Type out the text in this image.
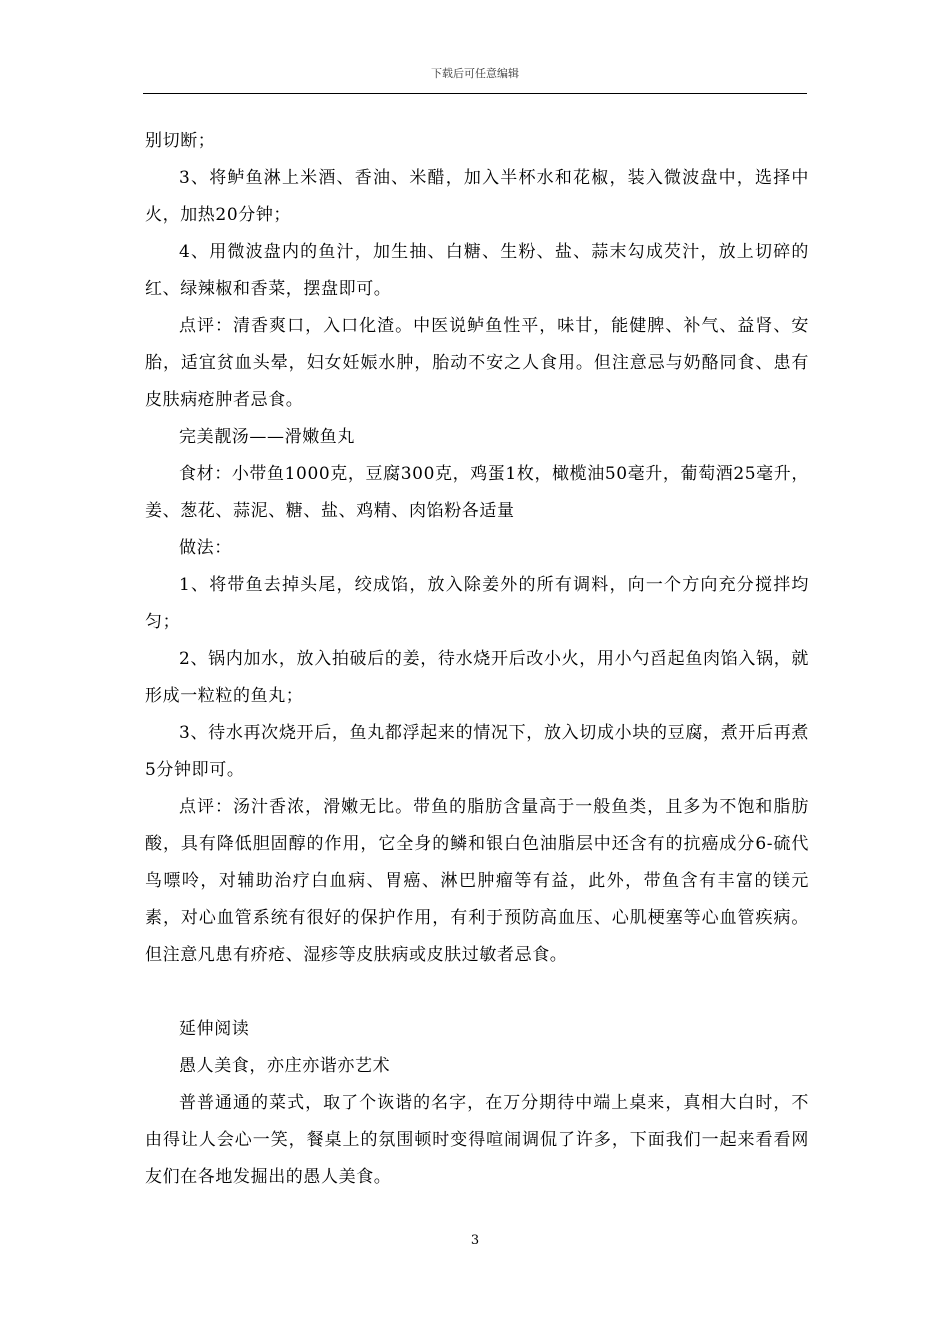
下载后可任意编辑

别切断；

3、将鲈鱼淋上米酒、香油、米醋，加入半杯水和花椒，装入微波盘中，选择中火，加热20分钟；

4、用微波盘内的鱼汁，加生抽、白糖、生粉、盐、蒜末勾成芡汁，放上切碎的红、绿辣椒和香菜，摆盘即可。

点评：清香爽口，入口化渣。中医说鲈鱼性平，味甘，能健脾、补气、益肾、安胎，适宜贫血头晕，妇女妊娠水肿，胎动不安之人食用。但注意忌与奶酪同食、患有皮肤病疮肿者忌食。

完美靓汤——滑嫩鱼丸

食材：小带鱼1000克，豆腐300克，鸡蛋1枚，橄榄油50毫升，葡萄酒25毫升，姜、葱花、蒜泥、糖、盐、鸡精、肉馅粉各适量

做法：

1、将带鱼去掉头尾，绞成馅，放入除姜外的所有调料，向一个方向充分搅拌均匀；

2、锅内加水，放入拍破后的姜，待水烧开后改小火，用小勺舀起鱼肉馅入锅，就形成一粒粒的鱼丸；

3、待水再次烧开后，鱼丸都浮起来的情况下，放入切成小块的豆腐，煮开后再煮5分钟即可。

点评：汤汁香浓，滑嫩无比。带鱼的脂肪含量高于一般鱼类，且多为不饱和脂肪酸，具有降低胆固醇的作用，它全身的鳞和银白色油脂层中还含有的抗癌成分6-硫代鸟嘌呤，对辅助治疗白血病、胃癌、淋巴肿瘤等有益，此外，带鱼含有丰富的镁元素，对心血管系统有很好的保护作用，有利于预防高血压、心肌梗塞等心血管疾病。但注意凡患有疥疮、湿疹等皮肤病或皮肤过敏者忌食。

延伸阅读

愚人美食，亦庄亦谐亦艺术

普普通通的菜式，取了个诙谐的名字，在万分期待中端上桌来，真相大白时，不由得让人会心一笑，餐桌上的氛围顿时变得喧闹调侃了许多，下面我们一起来看看网友们在各地发掘出的愚人美食。

3
